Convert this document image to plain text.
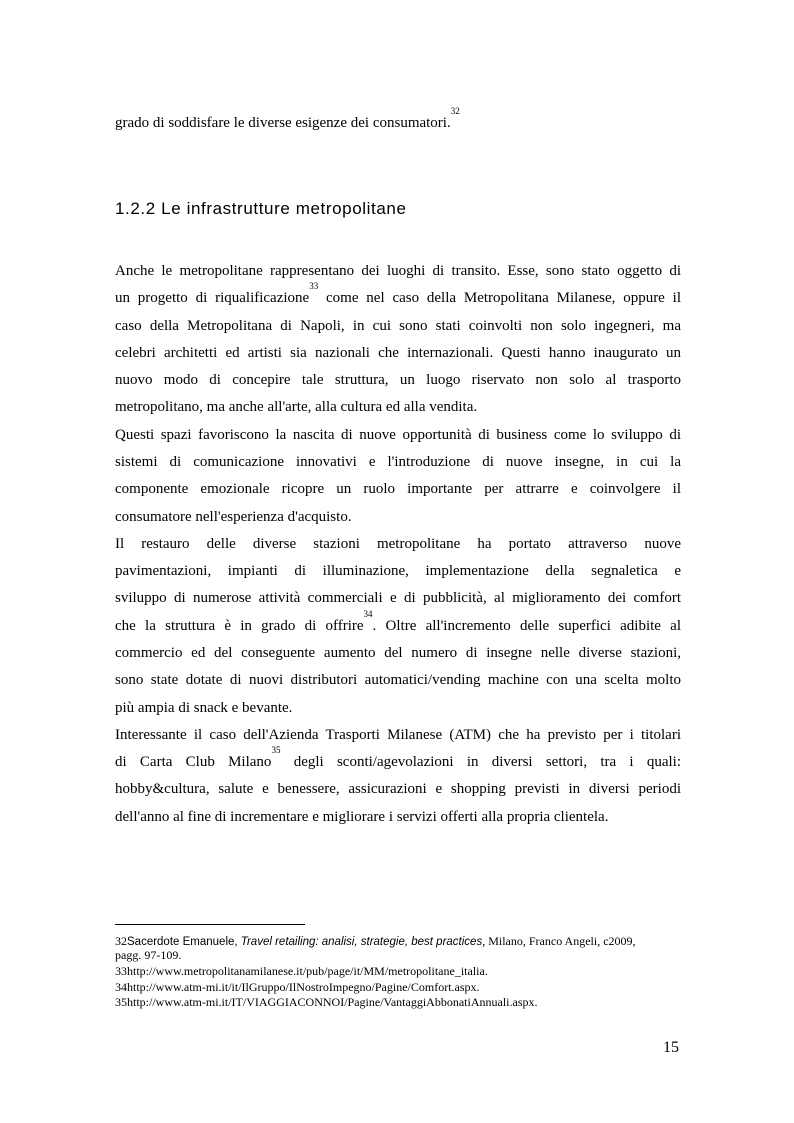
grado di soddisfare le diverse esigenze dei consumatori.$^{32}$

1.2.2 Le infrastrutture metropolitane

Anche le metropolitane rappresentano dei luoghi di transito. Esse, sono stato oggetto di

un progetto di riqualificazione$^{33}$ come nel caso della Metropolitana Milanese, oppure il

caso della Metropolitana di Napoli, in cui sono stati coinvolti non solo ingegneri, ma

celebri architetti ed artisti sia nazionali che internazionali. Questi hanno inaugurato un

nuovo modo di concepire tale struttura, un luogo riservato non solo al trasporto

metropolitano, ma anche all'arte, alla cultura ed alla vendita.

Questi spazi favoriscono la nascita di nuove opportunità di business come lo sviluppo di

sistemi di comunicazione innovativi e l'introduzione di nuove insegne, in cui la

componente emozionale ricopre un ruolo importante per attrarre e coinvolgere il

consumatore nell'esperienza d'acquisto.

Il restauro delle diverse stazioni metropolitane ha portato attraverso nuove

pavimentazioni, impianti di illuminazione, implementazione della segnaletica e

sviluppo di numerose attività commerciali e di pubblicità, al miglioramento dei comfort

che la struttura è in grado di offrire$^{34}$. Oltre all'incremento delle superfici adibite al

commercio ed del conseguente aumento del numero di insegne nelle diverse stazioni,

sono state dotate di nuovi distributori automatici/vending machine con una scelta molto

più ampia di snack e bevante.

Interessante il caso dell'Azienda Trasporti Milanese (ATM) che ha previsto per i titolari

di Carta Club Milano$^{35}$ degli sconti/agevolazioni in diversi settori, tra i quali:

hobby&cultura, salute e benessere, assicurazioni e shopping previsti in diversi periodi

dell'anno al fine di incrementare e migliorare i servizi offerti alla propria clientela.

32Sacerdote Emanuele, Travel retailing: analisi, strategie, best practices, Milano, Franco Angeli, c2009,

pagg. 97-109.

33http://www.metropolitanamilanese.it/pub/page/it/MM/metropolitane_italia.

34http://www.atm-mi.it/it/IlGruppo/IlNostroImpegno/Pagine/Comfort.aspx.

35http://www.atm-mi.it/IT/VIAGGIACONNOI/Pagine/VantaggiAbbonatiAnnuali.aspx.

15
